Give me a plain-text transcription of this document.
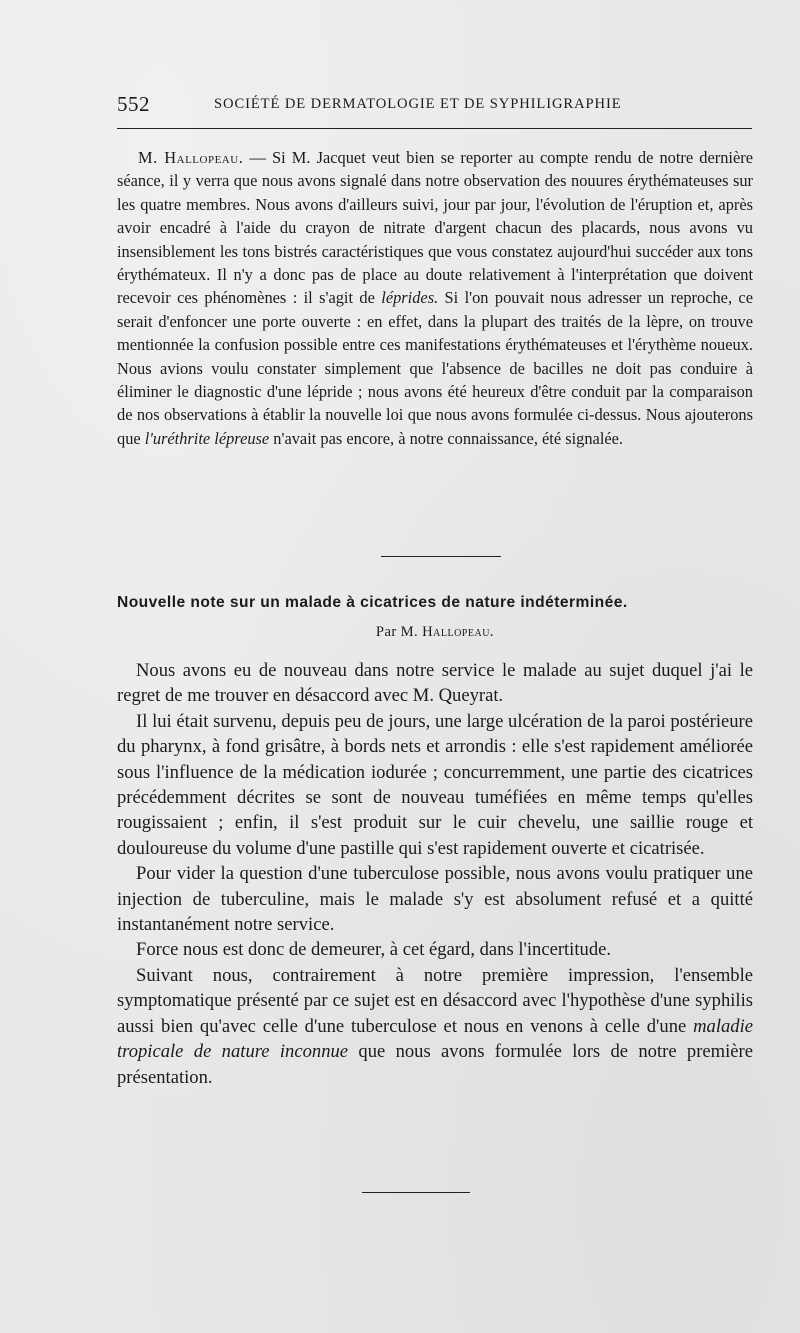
552	SOCIÉTÉ DE DERMATOLOGIE ET DE SYPHILIGRAPHIE

M. Hallopeau. — Si M. Jacquet veut bien se reporter au compte rendu de notre dernière séance, il y verra que nous avons signalé dans notre observation des nouures érythémateuses sur les quatre membres. Nous avons d'ailleurs suivi, jour par jour, l'évolution de l'éruption et, après avoir encadré à l'aide du crayon de nitrate d'argent chacun des placards, nous avons vu insensiblement les tons bistrés caractéristiques que vous constatez aujourd'hui succéder aux tons érythémateux. Il n'y a donc pas de place au doute relativement à l'interprétation que doivent recevoir ces phénomènes : il s'agit de léprides. Si l'on pouvait nous adresser un reproche, ce serait d'enfoncer une porte ouverte : en effet, dans la plupart des traités de la lèpre, on trouve mentionnée la confusion possible entre ces manifestations érythémateuses et l'érythème noueux. Nous avions voulu constater simplement que l'absence de bacilles ne doit pas conduire à éliminer le diagnostic d'une lépride ; nous avons été heureux d'être conduit par la comparaison de nos observations à établir la nouvelle loi que nous avons formulée ci-dessus. Nous ajouterons que l'uréthrite lépreuse n'avait pas encore, à notre connaissance, été signalée.

Nouvelle note sur un malade à cicatrices de nature indéterminée.
Par M. Hallopeau.

Nous avons eu de nouveau dans notre service le malade au sujet duquel j'ai le regret de me trouver en désaccord avec M. Queyrat.

Il lui était survenu, depuis peu de jours, une large ulcération de la paroi postérieure du pharynx, à fond grisâtre, à bords nets et arrondis : elle s'est rapidement améliorée sous l'influence de la médication iodurée ; concurremment, une partie des cicatrices précédemment décrites se sont de nouveau tuméfiées en même temps qu'elles rougissaient ; enfin, il s'est produit sur le cuir chevelu, une saillie rouge et douloureuse du volume d'une pastille qui s'est rapidement ouverte et cicatrisée.

Pour vider la question d'une tuberculose possible, nous avons voulu pratiquer une injection de tuberculine, mais le malade s'y est absolument refusé et a quitté instantanément notre service.

Force nous est donc de demeurer, à cet égard, dans l'incertitude.

Suivant nous, contrairement à notre première impression, l'ensemble symptomatique présenté par ce sujet est en désaccord avec l'hypothèse d'une syphilis aussi bien qu'avec celle d'une tuberculose et nous en venons à celle d'une maladie tropicale de nature inconnue que nous avons formulée lors de notre première présentation.
